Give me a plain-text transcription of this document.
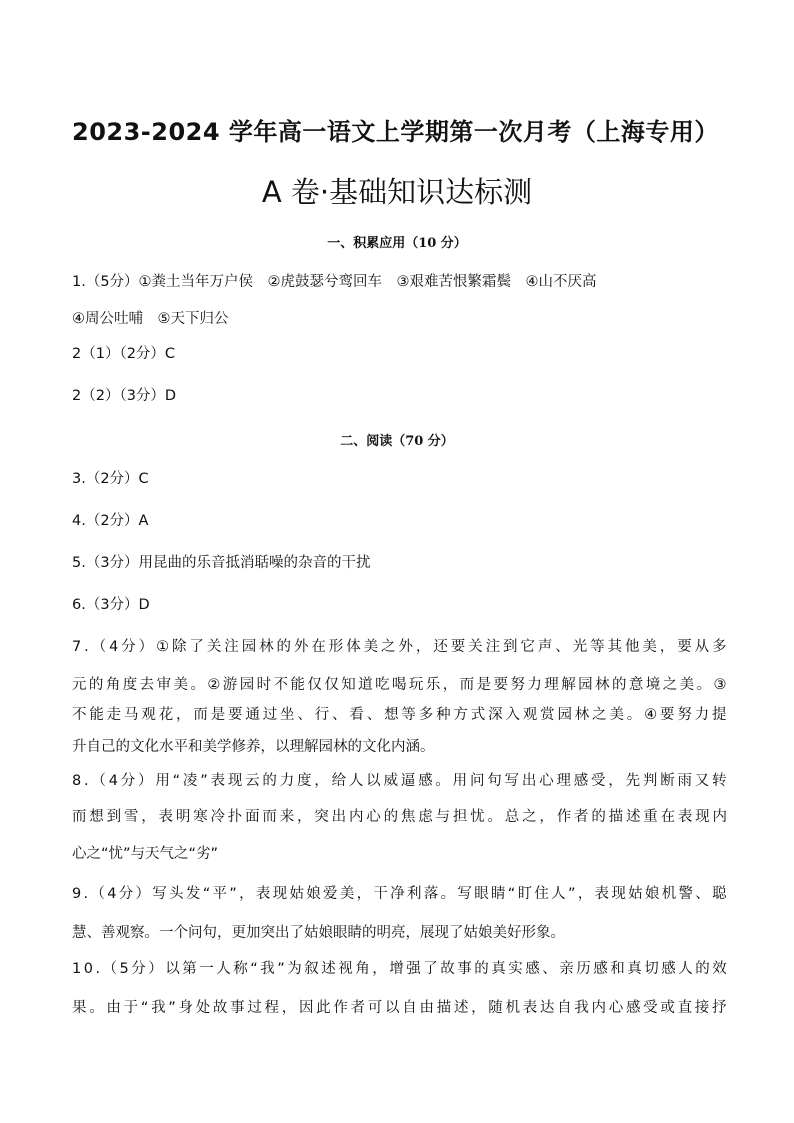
2023-2024 学年高一语文上学期第一次月考（上海专用）
A 卷·基础知识达标测
一、积累应用（10 分）
1.（5分）①粪土当年万户侯　②虎鼓瑟兮鸾回车　③艰难苦恨繁霜鬓　④山不厌高
④周公吐哺　⑤天下归公
2（1）（2分）C
2（2）（3分）D
二、阅读（70 分）
3.（2分）C
4.（2分）A
5.（3分）用昆曲的乐音抵消聒噪的杂音的干扰
6.（3分）D
7.（4分）①除了关注园林的外在形体美之外，还要关注到它声、光等其他美，要从多
元的角度去审美。②游园时不能仅仅知道吃喝玩乐，而是要努力理解园林的意境之美。③
不能走马观花，而是要通过坐、行、看、想等多种方式深入观赏园林之美。④要努力提
升自己的文化水平和美学修养，以理解园林的文化内涵。
8.（4分）用“凌”表现云的力度，给人以威逼感。用问句写出心理感受，先判断雨又转
而想到雪，表明寒冷扑面而来，突出内心的焦虑与担忧。总之，作者的描述重在表现内
心之“忧”与天气之“劣”
9.（4分）写头发“平”，表现姑娘爱美，干净利落。写眼睛“盯住人”，表现姑娘机警、聪
慧、善观察。一个问句，更加突出了姑娘眼睛的明亮，展现了姑娘美好形象。
10.（5分）以第一人称“我”为叙述视角，增强了故事的真实感、亲历感和真切感人的效
果。由于“我”身处故事过程，因此作者可以自由描述，随机表达自我内心感受或直接抒
